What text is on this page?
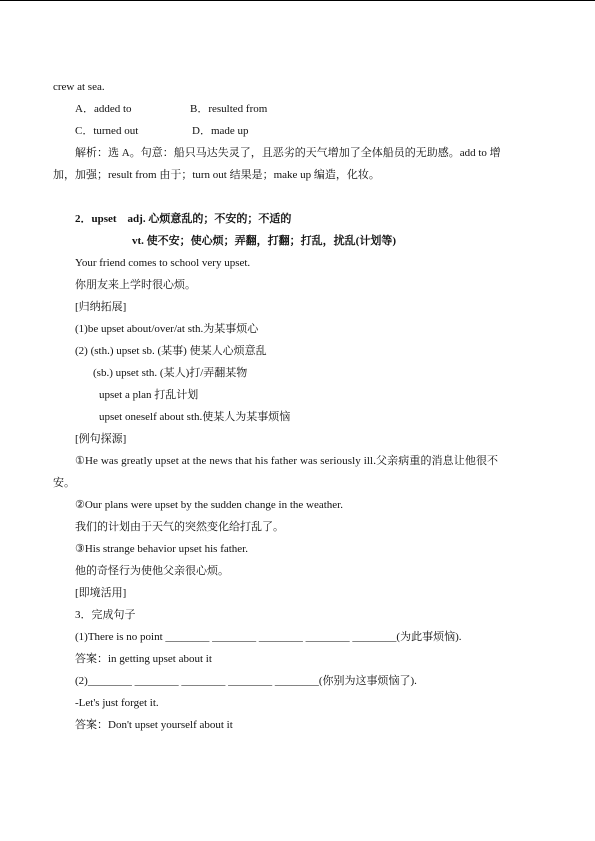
crew at sea.
A．added to	B．resulted from
C．turned out	D．made up
解析：选 A。句意：船只马达失灵了，且恶劣的天气增加了全体船员的无助感。add to 增
加，加强；result from 由于；turn out 结果是；make up 编造，化妆。
2．upset　adj. 心烦意乱的；不安的；不适的
vt. 使不安；使心烦；弄翻，打翻；打乱，扰乱(计划等)
Your friend comes to school very upset.
你朋友来上学时很心烦。
[归纳拓展]
(1)be upset about/over/at sth.为某事烦心
(2) (sth.) upset sb. (某事) 使某人心烦意乱
(sb.) upset sth. (某人)打/弄翻某物
upset a plan 打乱计划
upset oneself about sth.使某人为某事烦恼
[例句探源]
①He was greatly upset at the news that his father was seriously ill.父亲病重的消息让他很不
安。
②Our plans were upset by the sudden change in the weather.
我们的计划由于天气的突然变化给打乱了。
③His strange behavior upset his father.
他的奇怪行为使他父亲很心烦。
[即境活用]
3．完成句子
(1)There is no point ________ ________ ________ ________ ________(为此事烦恼).
答案：in getting upset about it
(2)________ ________ ________ ________ ________(你别为这事烦恼了).
-Let's just forget it.
答案：Don't upset yourself about it
